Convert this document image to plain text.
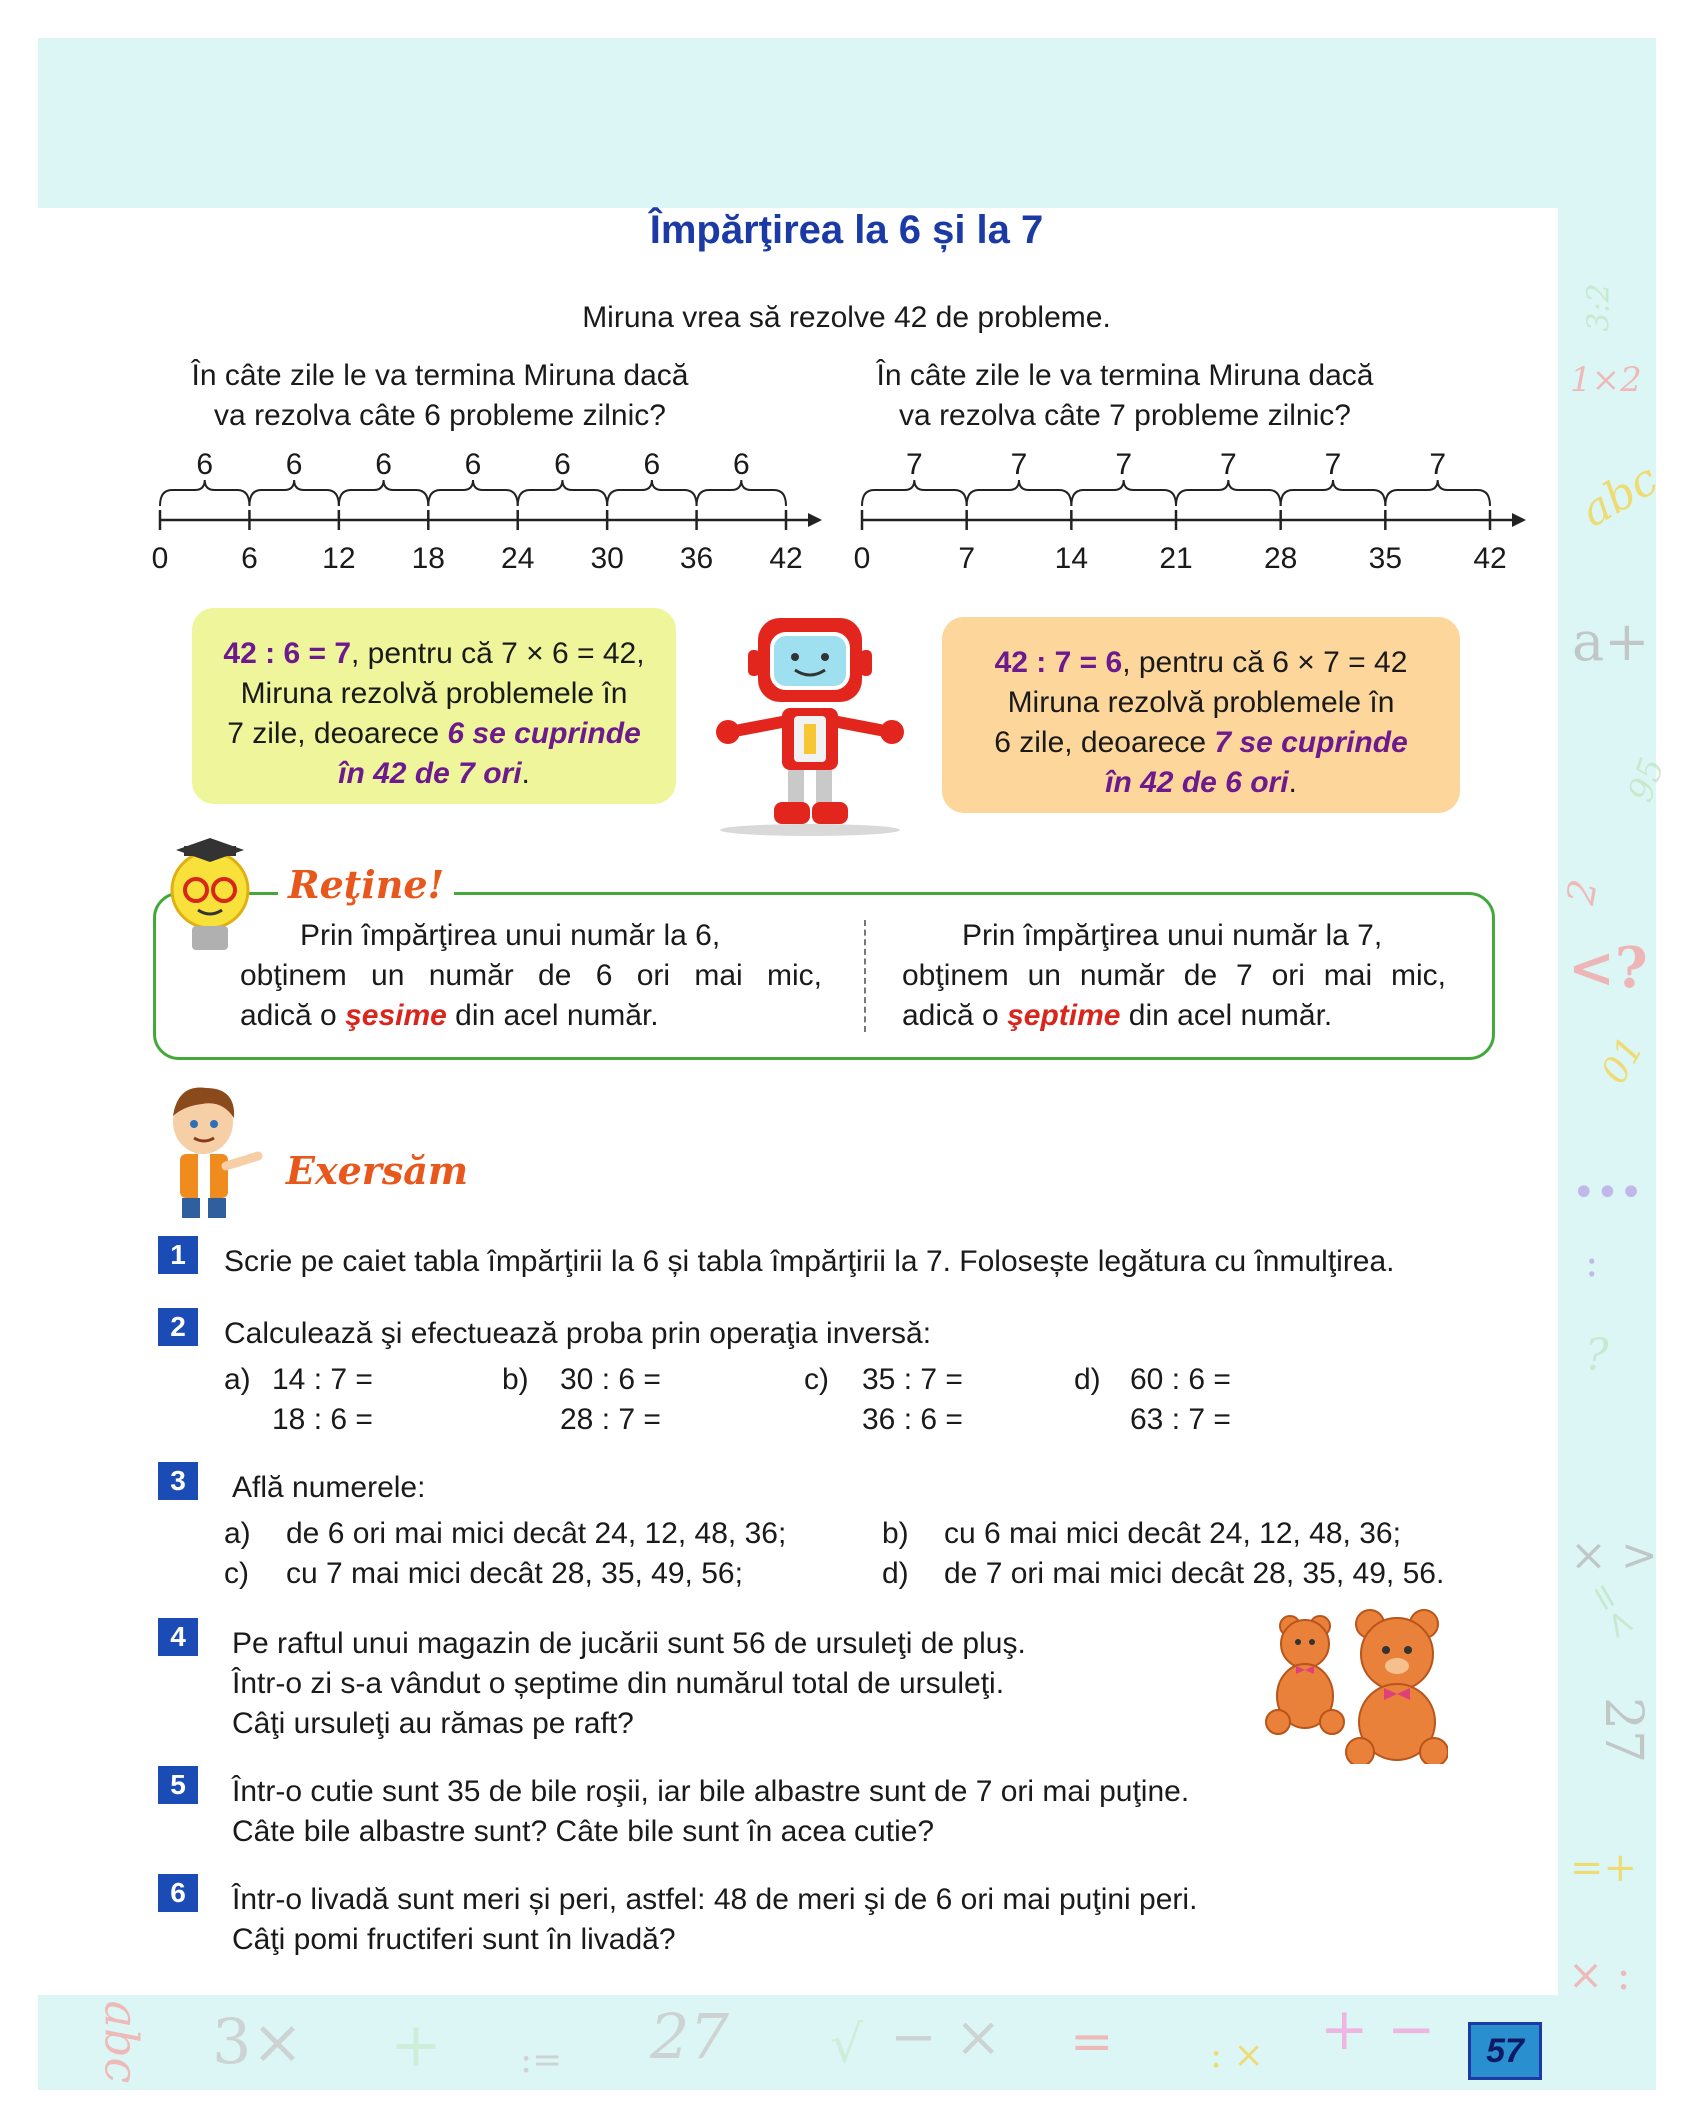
1×2
3:2
abc
a+
95
2
<?
01
•••
:
?
× >
=<
27
=+
× :
abc 3× + := 27 √ − × =	: × + −
Împărţirea la 6 și la 7
Miruna vrea să rezolve 42 de probleme.
În câte zile le va termina Miruna dacă
va rezolva câte 6 probleme zilnic?
În câte zile le va termina Miruna dacă
va rezolva câte 7 probleme zilnic?
0
6
6
6
12
6
18
6
24
6
30
6
36
6
42 0
7
7
7
14
7
21
7
28
7
35
7
42
42 : 6 = 7, pentru că 7 × 6 = 42,
Miruna rezolvă problemele în
7 zile, deoarece 6 se cuprinde
în 42 de 7 ori.
42 : 7 = 6, pentru că 6 × 7 = 42
Miruna rezolvă problemele în
6 zile, deoarece 7 se cuprinde
în 42 de 6 ori.
Reţine!
Prin împărţirea unui număr la 6,
obţinem un număr de 6 ori mai mic,
adică o şesime din acel număr.
Prin împărţirea unui număr la 7,
obţinem un număr de 7 ori mai mic,
adică o şeptime din acel număr.
Exersăm
1	Scrie pe caiet tabla împărţirii la 6 și tabla împărţirii la 7. Folosește legătura cu înmulţirea.
2	Calculează şi efectuează proba prin operaţia inversă:
a) 14 : 7 =
18 : 6 =
b) 30 : 6 =
28 : 7 =
c) 35 : 7 =
36 : 6 =
d) 60 : 6 =
63 : 7 =
3	Află numerele:
a) de 6 ori mai mici decât 24, 12, 48, 36;	b) cu 6 mai mici decât 24, 12, 48, 36;
c) cu 7 mai mici decât 28, 35, 49, 56;	d) de 7 ori mai mici decât 28, 35, 49, 56.
4	Pe raftul unui magazin de jucării sunt 56 de ursuleţi de pluş.
Într-o zi s-a vândut o șeptime din numărul total de ursuleţi.
Câţi ursuleţi au rămas pe raft?
5	Într-o cutie sunt 35 de bile roşii, iar bile albastre sunt de 7 ori mai puţine.
Câte bile albastre sunt? Câte bile sunt în acea cutie?
6	Într-o livadă sunt meri și peri, astfel: 48 de meri şi de 6 ori mai puţini peri.
Câţi pomi fructiferi sunt în livadă?
57
